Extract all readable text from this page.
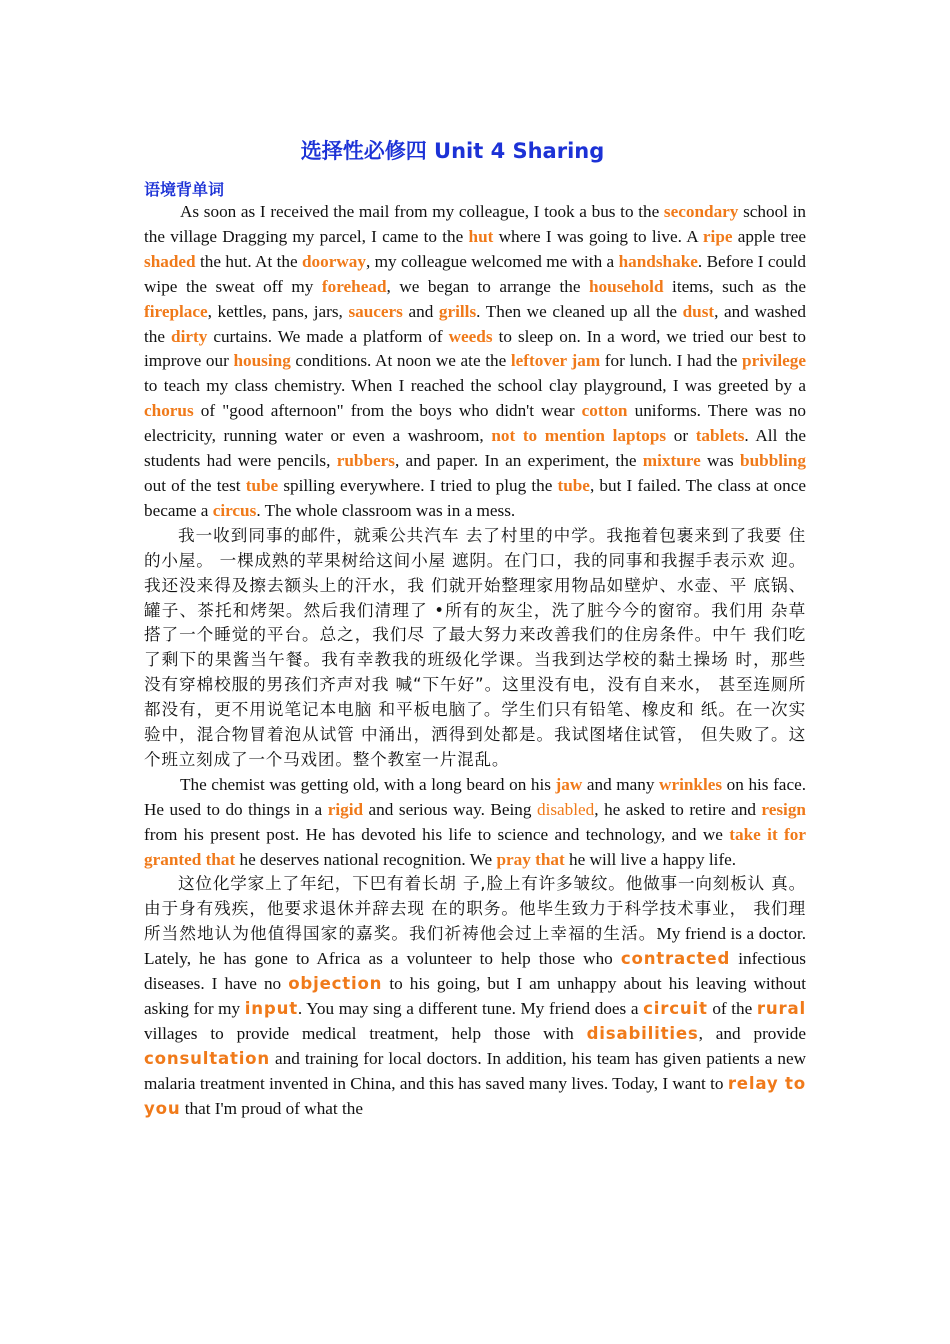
选择性必修四 Unit 4 Sharing
语境背单词

As soon as I received the mail from my colleague, I took a bus to the secondary school in the village Dragging my parcel, I came to the hut where I was going to live. A ripe apple tree shaded the hut. At the doorway, my colleague welcomed me with a handshake. Before I could wipe the sweat off my forehead, we began to arrange the household items, such as the fireplace, kettles, pans, jars, saucers and grills. Then we cleaned up all the dust, and washed the dirty curtains. We made a platform of weeds to sleep on. In a word, we tried our best to improve our housing conditions. At noon we ate the leftover jam for lunch. I had the privilege to teach my class chemistry. When I reached the school clay playground, I was greeted by a chorus of "good afternoon" from the boys who didn't wear cotton uniforms. There was no electricity, running water or even a washroom, not to mention laptops or tablets. All the students had were pencils, rubbers, and paper. In an experiment, the mixture was bubbling out of the test tube spilling everywhere. I tried to plug the tube, but I failed. The class at once became a circus. The whole classroom was in a mess.

我一收到同事的邮件，就乘公共汽车 去了村里的中学。我拖着包裹来到了我要 住的小屋。 一棵成熟的苹果树给这间小屋 遮阴。在门口，我的同事和我握手表示欢 迎。我还没来得及擦去额头上的汗水，我 们就开始整理家用物品如壁炉、水壶、平 底锅、罐子、茶托和烤架。然后我们清理了 •所有的灰尘，洗了脏今今的窗帘。我们用 杂草搭了一个睡觉的平台。总之，我们尽 了最大努力来改善我们的住房条件。中午 我们吃了剩下的果酱当午餐。我有幸教我的班级化学课。当我到达学校的黏土操场 时，那些没有穿棉校服的男孩们齐声对我 喊“下午好”。这里没有电，没有自来水， 甚至连厕所都没有，更不用说笔记本电脑 和平板电脑了。学生们只有铅笔、橡皮和 纸。在一次实验中，混合物冒着泡从试管 中涌出，洒得到处都是。我试图堵住试管， 但失败了。这个班立刻成了一个马戏团。整个教室一片混乱。

The chemist was getting old, with a long beard on his jaw and many wrinkles on his face. He used to do things in a rigid and serious way. Being disabled, he asked to retire and resign from his present post. He has devoted his life to science and technology, and we take it for granted that he deserves national recognition. We pray that he will live a happy life.

这位化学家上了年纪，下巴有着长胡 子,脸上有许多皱纹。他做事一向刻板认 真。由于身有残疾，他要求退休并辞去现 在的职务。他毕生致力于科学技术事业， 我们理所当然地认为他值得国家的嘉奖。我们祈祷他会过上幸福的生活。My friend is a doctor. Lately, he has gone to Africa as a volunteer to help those who contracted infectious diseases. I have no objection to his going, but I am unhappy about his leaving without asking for my input. You may sing a different tune. My friend does a circuit of the rural villages to provide medical treatment, help those with disabilities, and provide consultation and training for local doctors. In addition, his team has given patients a new malaria treatment invented in China, and this has saved many lives. Today, I want to relay to you that I'm proud of what the
